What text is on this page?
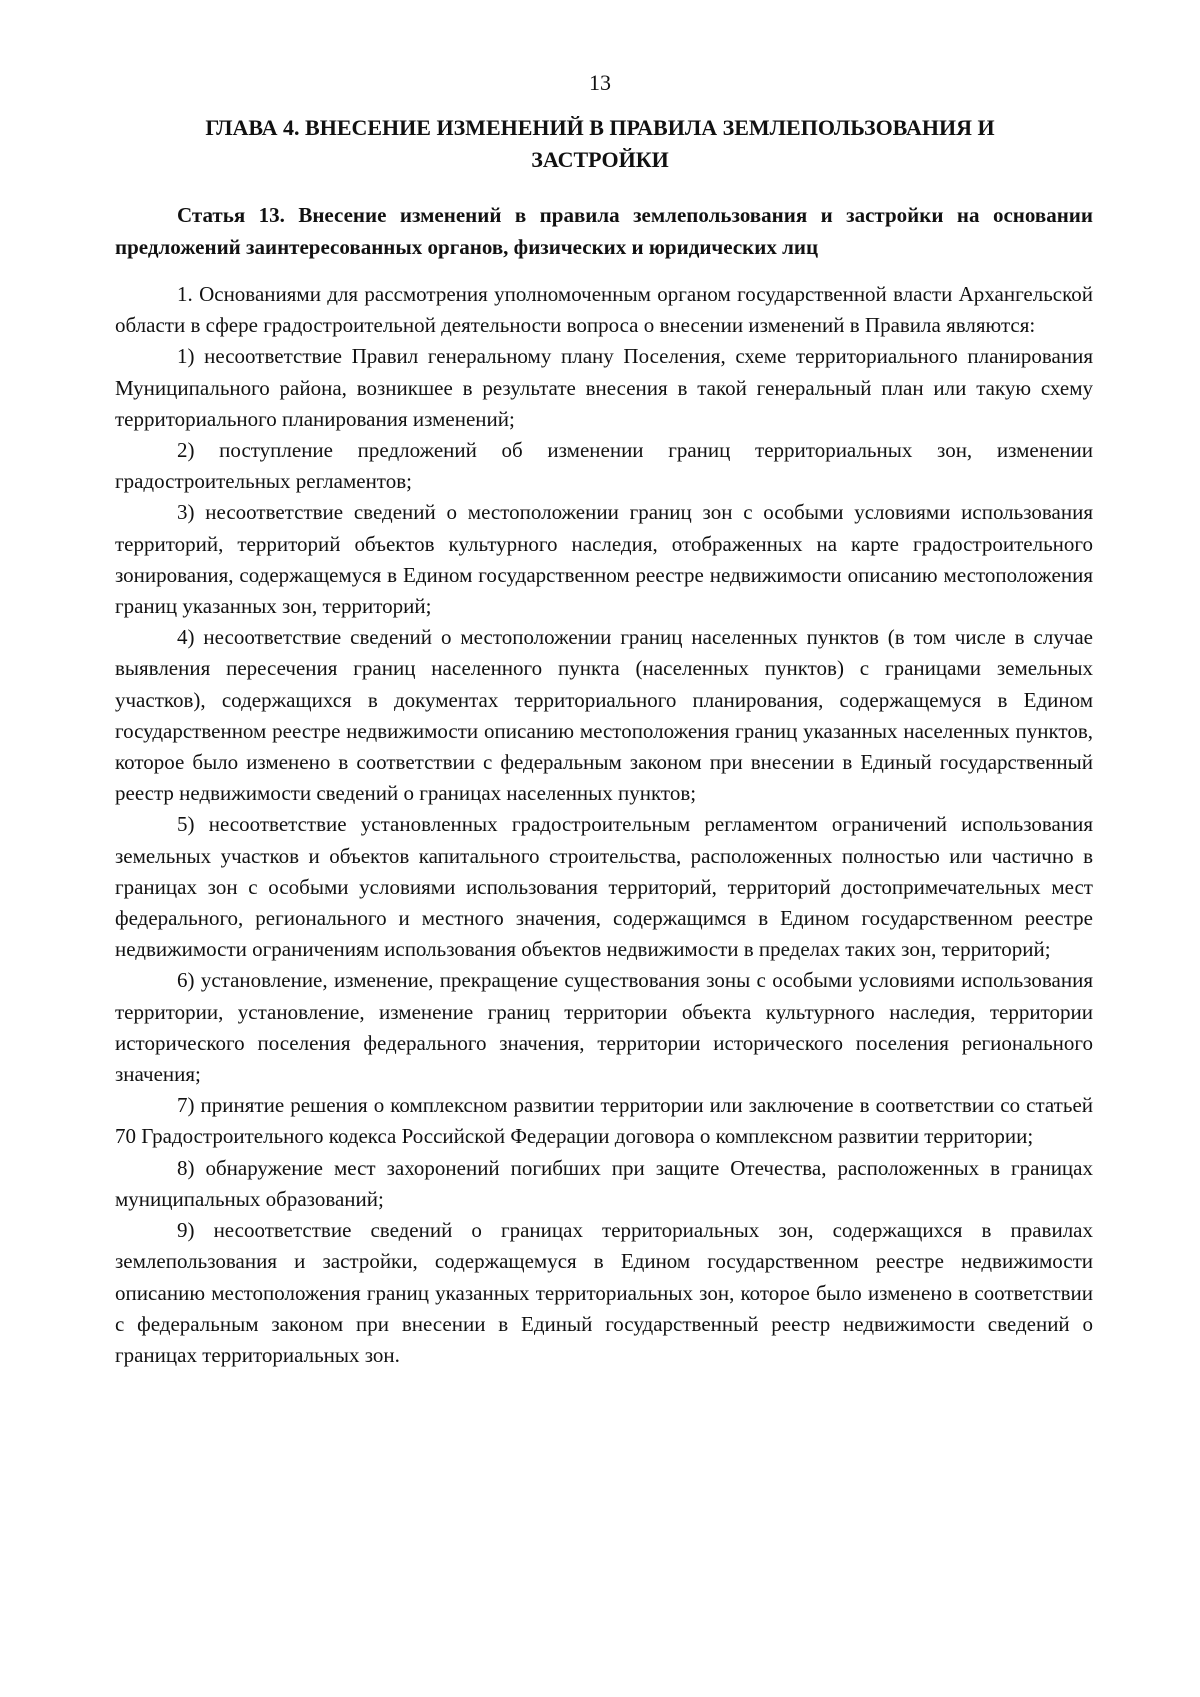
13
ГЛАВА 4. ВНЕСЕНИЕ ИЗМЕНЕНИЙ В ПРАВИЛА ЗЕМЛЕПОЛЬЗОВАНИЯ И ЗАСТРОЙКИ

Статья 13. Внесение изменений в правила землепользования и застройки на основании предложений заинтересованных органов, физических и юридических лиц

1. Основаниями для рассмотрения уполномоченным органом государственной власти Архангельской области в сфере градостроительной деятельности вопроса о внесении изменений в Правила являются:

1) несоответствие Правил генеральному плану Поселения, схеме территориального планирования Муниципального района, возникшее в результате внесения в такой генеральный план или такую схему территориального планирования изменений;

2) поступление предложений об изменении границ территориальных зон, изменении градостроительных регламентов;

3) несоответствие сведений о местоположении границ зон с особыми условиями использования территорий, территорий объектов культурного наследия, отображенных на карте градостроительного зонирования, содержащемуся в Едином государственном реестре недвижимости описанию местоположения границ указанных зон, территорий;

4) несоответствие сведений о местоположении границ населенных пунктов (в том числе в случае выявления пересечения границ населенного пункта (населенных пунктов) с границами земельных участков), содержащихся в документах территориального планирования, содержащемуся в Едином государственном реестре недвижимости описанию местоположения границ указанных населенных пунктов, которое было изменено в соответствии с федеральным законом при внесении в Единый государственный реестр недвижимости сведений о границах населенных пунктов;

5) несоответствие установленных градостроительным регламентом ограничений использования земельных участков и объектов капитального строительства, расположенных полностью или частично в границах зон с особыми условиями использования территорий, территорий достопримечательных мест федерального, регионального и местного значения, содержащимся в Едином государственном реестре недвижимости ограничениям использования объектов недвижимости в пределах таких зон, территорий;

6) установление, изменение, прекращение существования зоны с особыми условиями использования территории, установление, изменение границ территории объекта культурного наследия, территории исторического поселения федерального значения, территории исторического поселения регионального значения;

7) принятие решения о комплексном развитии территории или заключение в соответствии со статьей 70 Градостроительного кодекса Российской Федерации договора о комплексном развитии территории;

8) обнаружение мест захоронений погибших при защите Отечества, расположенных в границах муниципальных образований;

9) несоответствие сведений о границах территориальных зон, содержащихся в правилах землепользования и застройки, содержащемуся в Едином государственном реестре недвижимости описанию местоположения границ указанных территориальных зон, которое было изменено в соответствии с федеральным законом при внесении в Единый государственный реестр недвижимости сведений о границах территориальных зон.
